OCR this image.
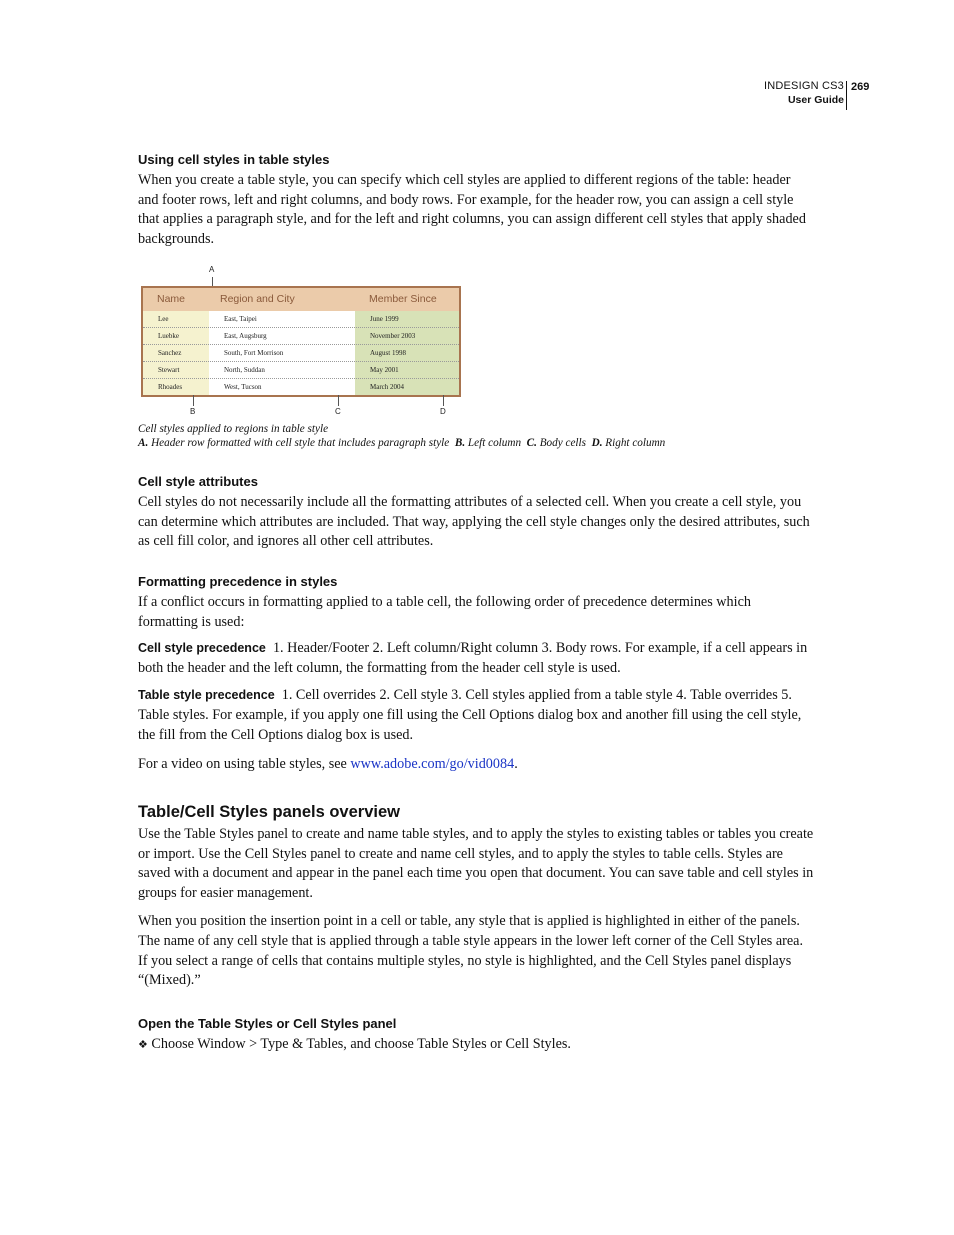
INDESIGN CS3
User Guide
269
Using cell styles in table styles

When you create a table style, you can specify which cell styles are applied to different regions of the table: header and footer rows, left and right columns, and body rows. For example, for the header row, you can assign a cell style that applies a paragraph style, and for the left and right columns, you can assign different cell styles that apply shaded backgrounds.

A
Name	Region and City	Member Since
Lee	East, Taipei	June 1999
Luebke	East, Augsburg	November 2003
Sanchez	South, Fort Morrison	August 1998
Stewart	North, Suddan	May 2001
Rhoades	West, Tucson	March 2004
B	C	D
Cell styles applied to regions in table style
A. Header row formatted with cell style that includes paragraph style B. Left column C. Body cells D. Right column
Cell style attributes

Cell styles do not necessarily include all the formatting attributes of a selected cell. When you create a cell style, you can determine which attributes are included. That way, applying the cell style changes only the desired attributes, such as cell fill color, and ignores all other cell attributes.

Formatting precedence in styles

If a conflict occurs in formatting applied to a table cell, the following order of precedence determines which formatting is used:

Cell style precedence 1. Header/Footer 2. Left column/Right column 3. Body rows. For example, if a cell appears in both the header and the left column, the formatting from the header cell style is used.

Table style precedence 1. Cell overrides 2. Cell style 3. Cell styles applied from a table style 4. Table overrides 5. Table styles. For example, if you apply one fill using the Cell Options dialog box and another fill using the cell style, the fill from the Cell Options dialog box is used.

For a video on using table styles, see www.adobe.com/go/vid0084.

Table/Cell Styles panels overview

Use the Table Styles panel to create and name table styles, and to apply the styles to existing tables or tables you create or import. Use the Cell Styles panel to create and name cell styles, and to apply the styles to table cells. Styles are saved with a document and appear in the panel each time you open that document. You can save table and cell styles in groups for easier management.

When you position the insertion point in a cell or table, any style that is applied is highlighted in either of the panels. The name of any cell style that is applied through a table style appears in the lower left corner of the Cell Styles area. If you select a range of cells that contains multiple styles, no style is highlighted, and the Cell Styles panel displays “(Mixed).”

Open the Table Styles or Cell Styles panel

❖ Choose Window > Type & Tables, and choose Table Styles or Cell Styles.
